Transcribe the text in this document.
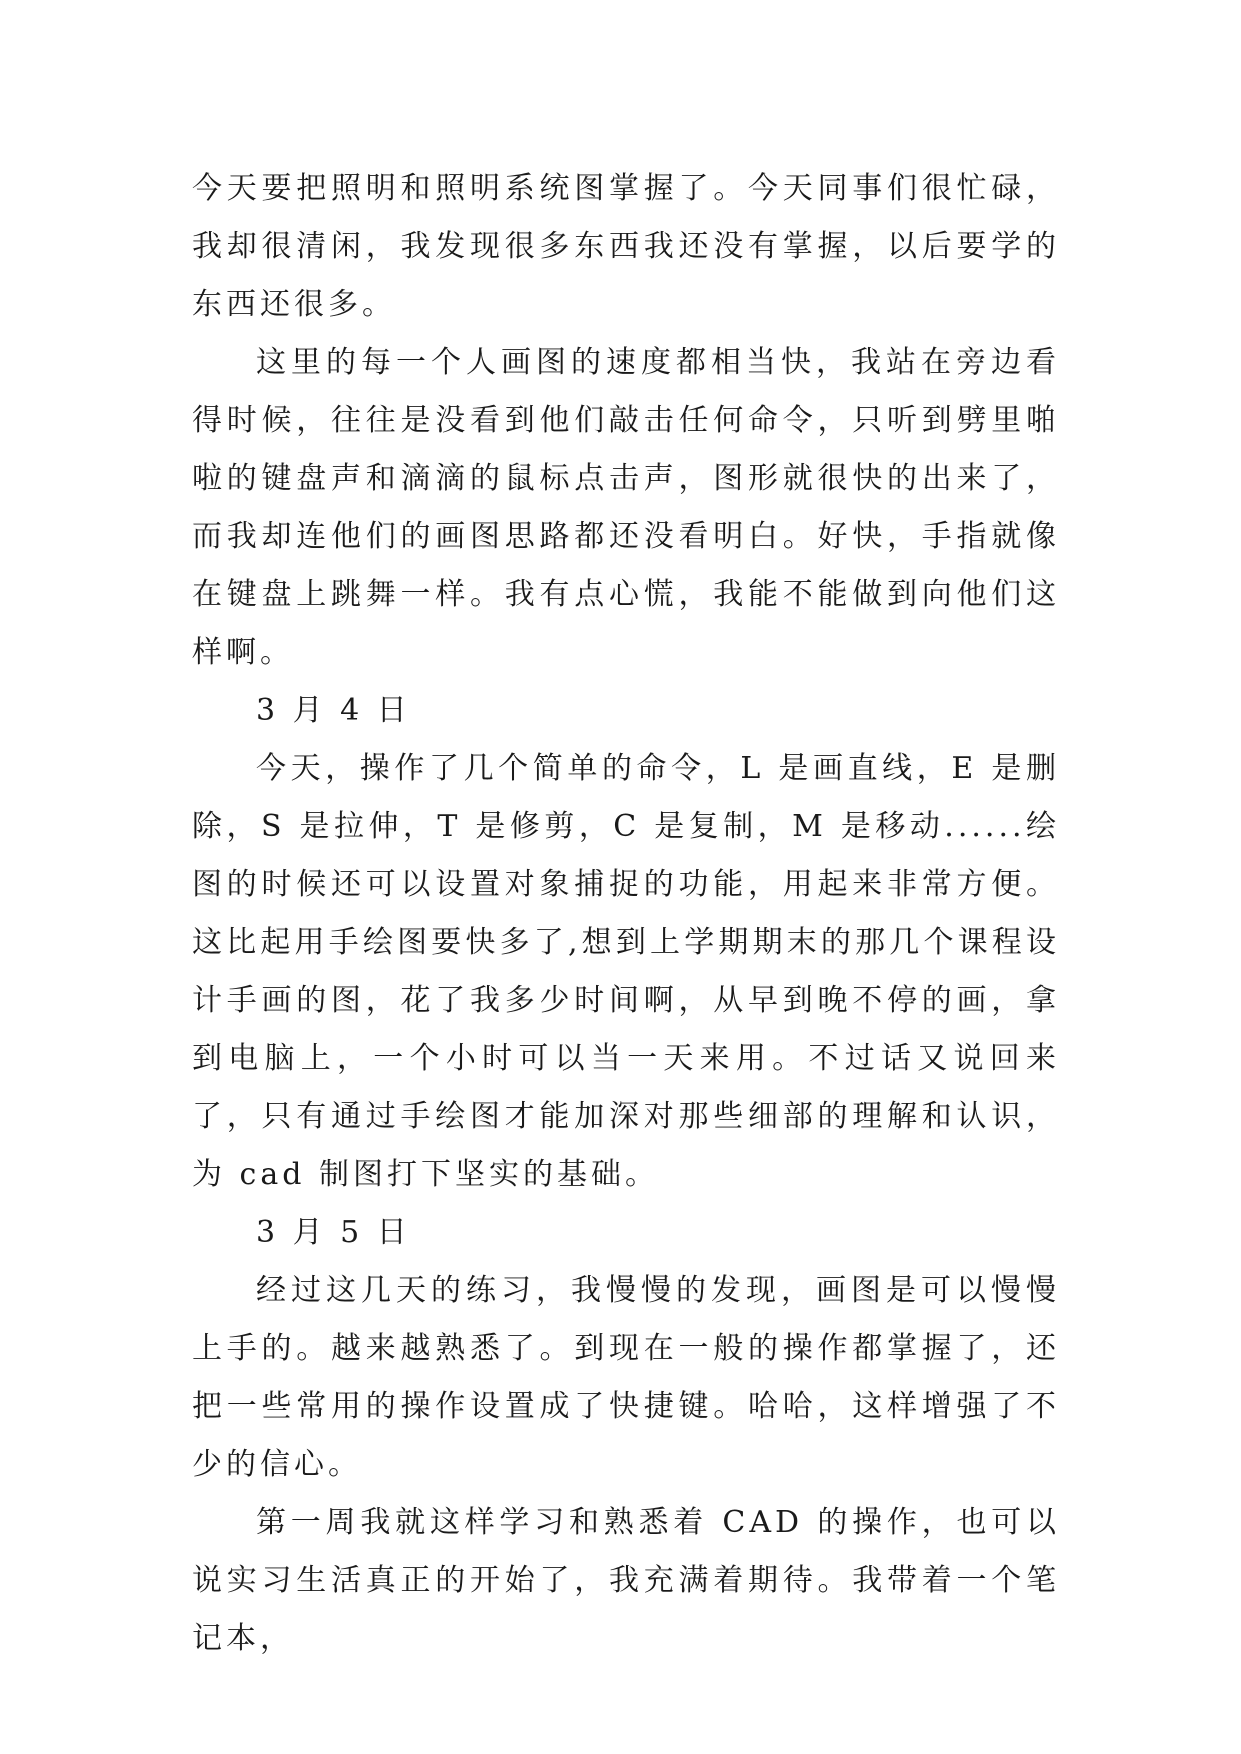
今天要把照明和照明系统图掌握了。今天同事们很忙碌，我却很清闲，我发现很多东西我还没有掌握，以后要学的东西还很多。

这里的每一个人画图的速度都相当快，我站在旁边看得时候，往往是没看到他们敲击任何命令，只听到劈里啪啦的键盘声和滴滴的鼠标点击声，图形就很快的出来了，而我却连他们的画图思路都还没看明白。好快，手指就像在键盘上跳舞一样。我有点心慌，我能不能做到向他们这样啊。

3 月 4 日

今天，操作了几个简单的命令，L 是画直线，E 是删除，S 是拉伸，T 是修剪，C 是复制，M 是移动......绘图的时候还可以设置对象捕捉的功能，用起来非常方便。这比起用手绘图要快多了,想到上学期期末的那几个课程设计手画的图，花了我多少时间啊，从早到晚不停的画，拿到电脑上，一个小时可以当一天来用。不过话又说回来了，只有通过手绘图才能加深对那些细部的理解和认识，为 cad 制图打下坚实的基础。

3 月 5 日

经过这几天的练习，我慢慢的发现，画图是可以慢慢上手的。越来越熟悉了。到现在一般的操作都掌握了，还把一些常用的操作设置成了快捷键。哈哈，这样增强了不少的信心。

第一周我就这样学习和熟悉着 CAD 的操作，也可以说实习生活真正的开始了，我充满着期待。我带着一个笔记本，
